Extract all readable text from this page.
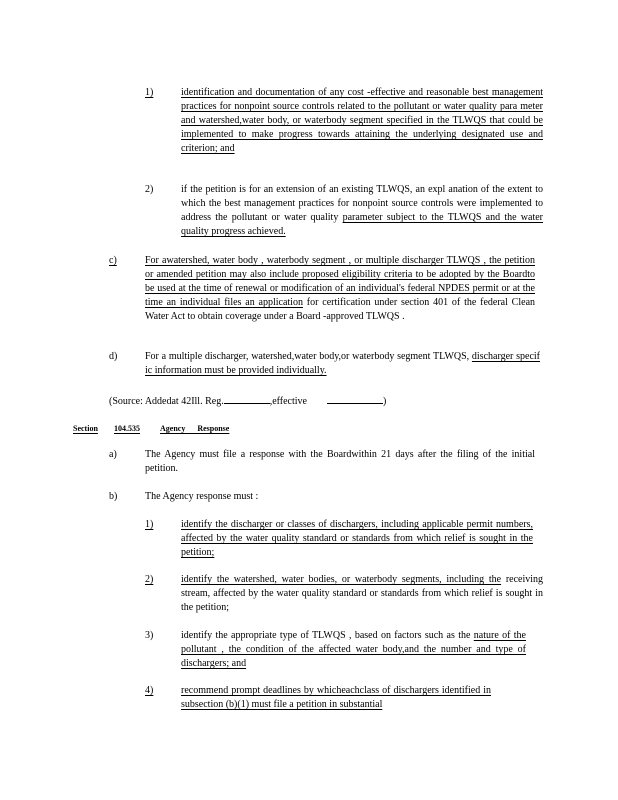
1)	identification and documentation of any cost -effective and reasonable best management practices for nonpoint source controls related to the pollutant or water quality para meter and watershed,water body, or waterbody segment specified in the TLWQS that could be implemented to make progress towards attaining the underlying designated use and criterion; and
2)	if the petition is for an extension of an existing TLWQS, an expl anation of the extent to which the best management practices for nonpoint source controls were implemented to address the pollutant or water quality parameter subject to the TLWQS and the water quality progress achieved.
c)	For awatershed, water body , waterbody segment , or multiple discharger TLWQS , the petition or amended petition may also include proposed eligibility criteria to be adopted by the Boardto be used at the time of renewal or modification of an individual's federal NPDES permit or at the time an individual files an application for certification under section 401 of the federal Clean Water Act to obtain coverage under a Board -approved TLWQS .
d)	For a multiple discharger, watershed,water body,or waterbody segment TLWQS, discharger specif ic information must be provided individually.
(Source: Addedat 42Ill. Reg.	,effective	)
Section 104.535	Agency Response
a)	The Agency must file a response with the Boardwithin 21 days after the filing of the initial petition.
b)	The Agency response must :
1)	identify the discharger or classes of dischargers, including applicable permit numbers, affected by the water quality standard or standards from which relief is sought in the petition;
2)	identify the watershed, water bodies, or waterbody segments, including the receiving stream, affected by the water quality standard or standards from which relief is sought in the petition;
3)	identify the appropriate type of TLWQS , based on factors such as the nature of the pollutant , the condition of the affected water body,and the number and type of dischargers; and
4)	recommend prompt deadlines by whicheachclass of dischargers identified in subsection (b)(1) must file a petition in substantial
